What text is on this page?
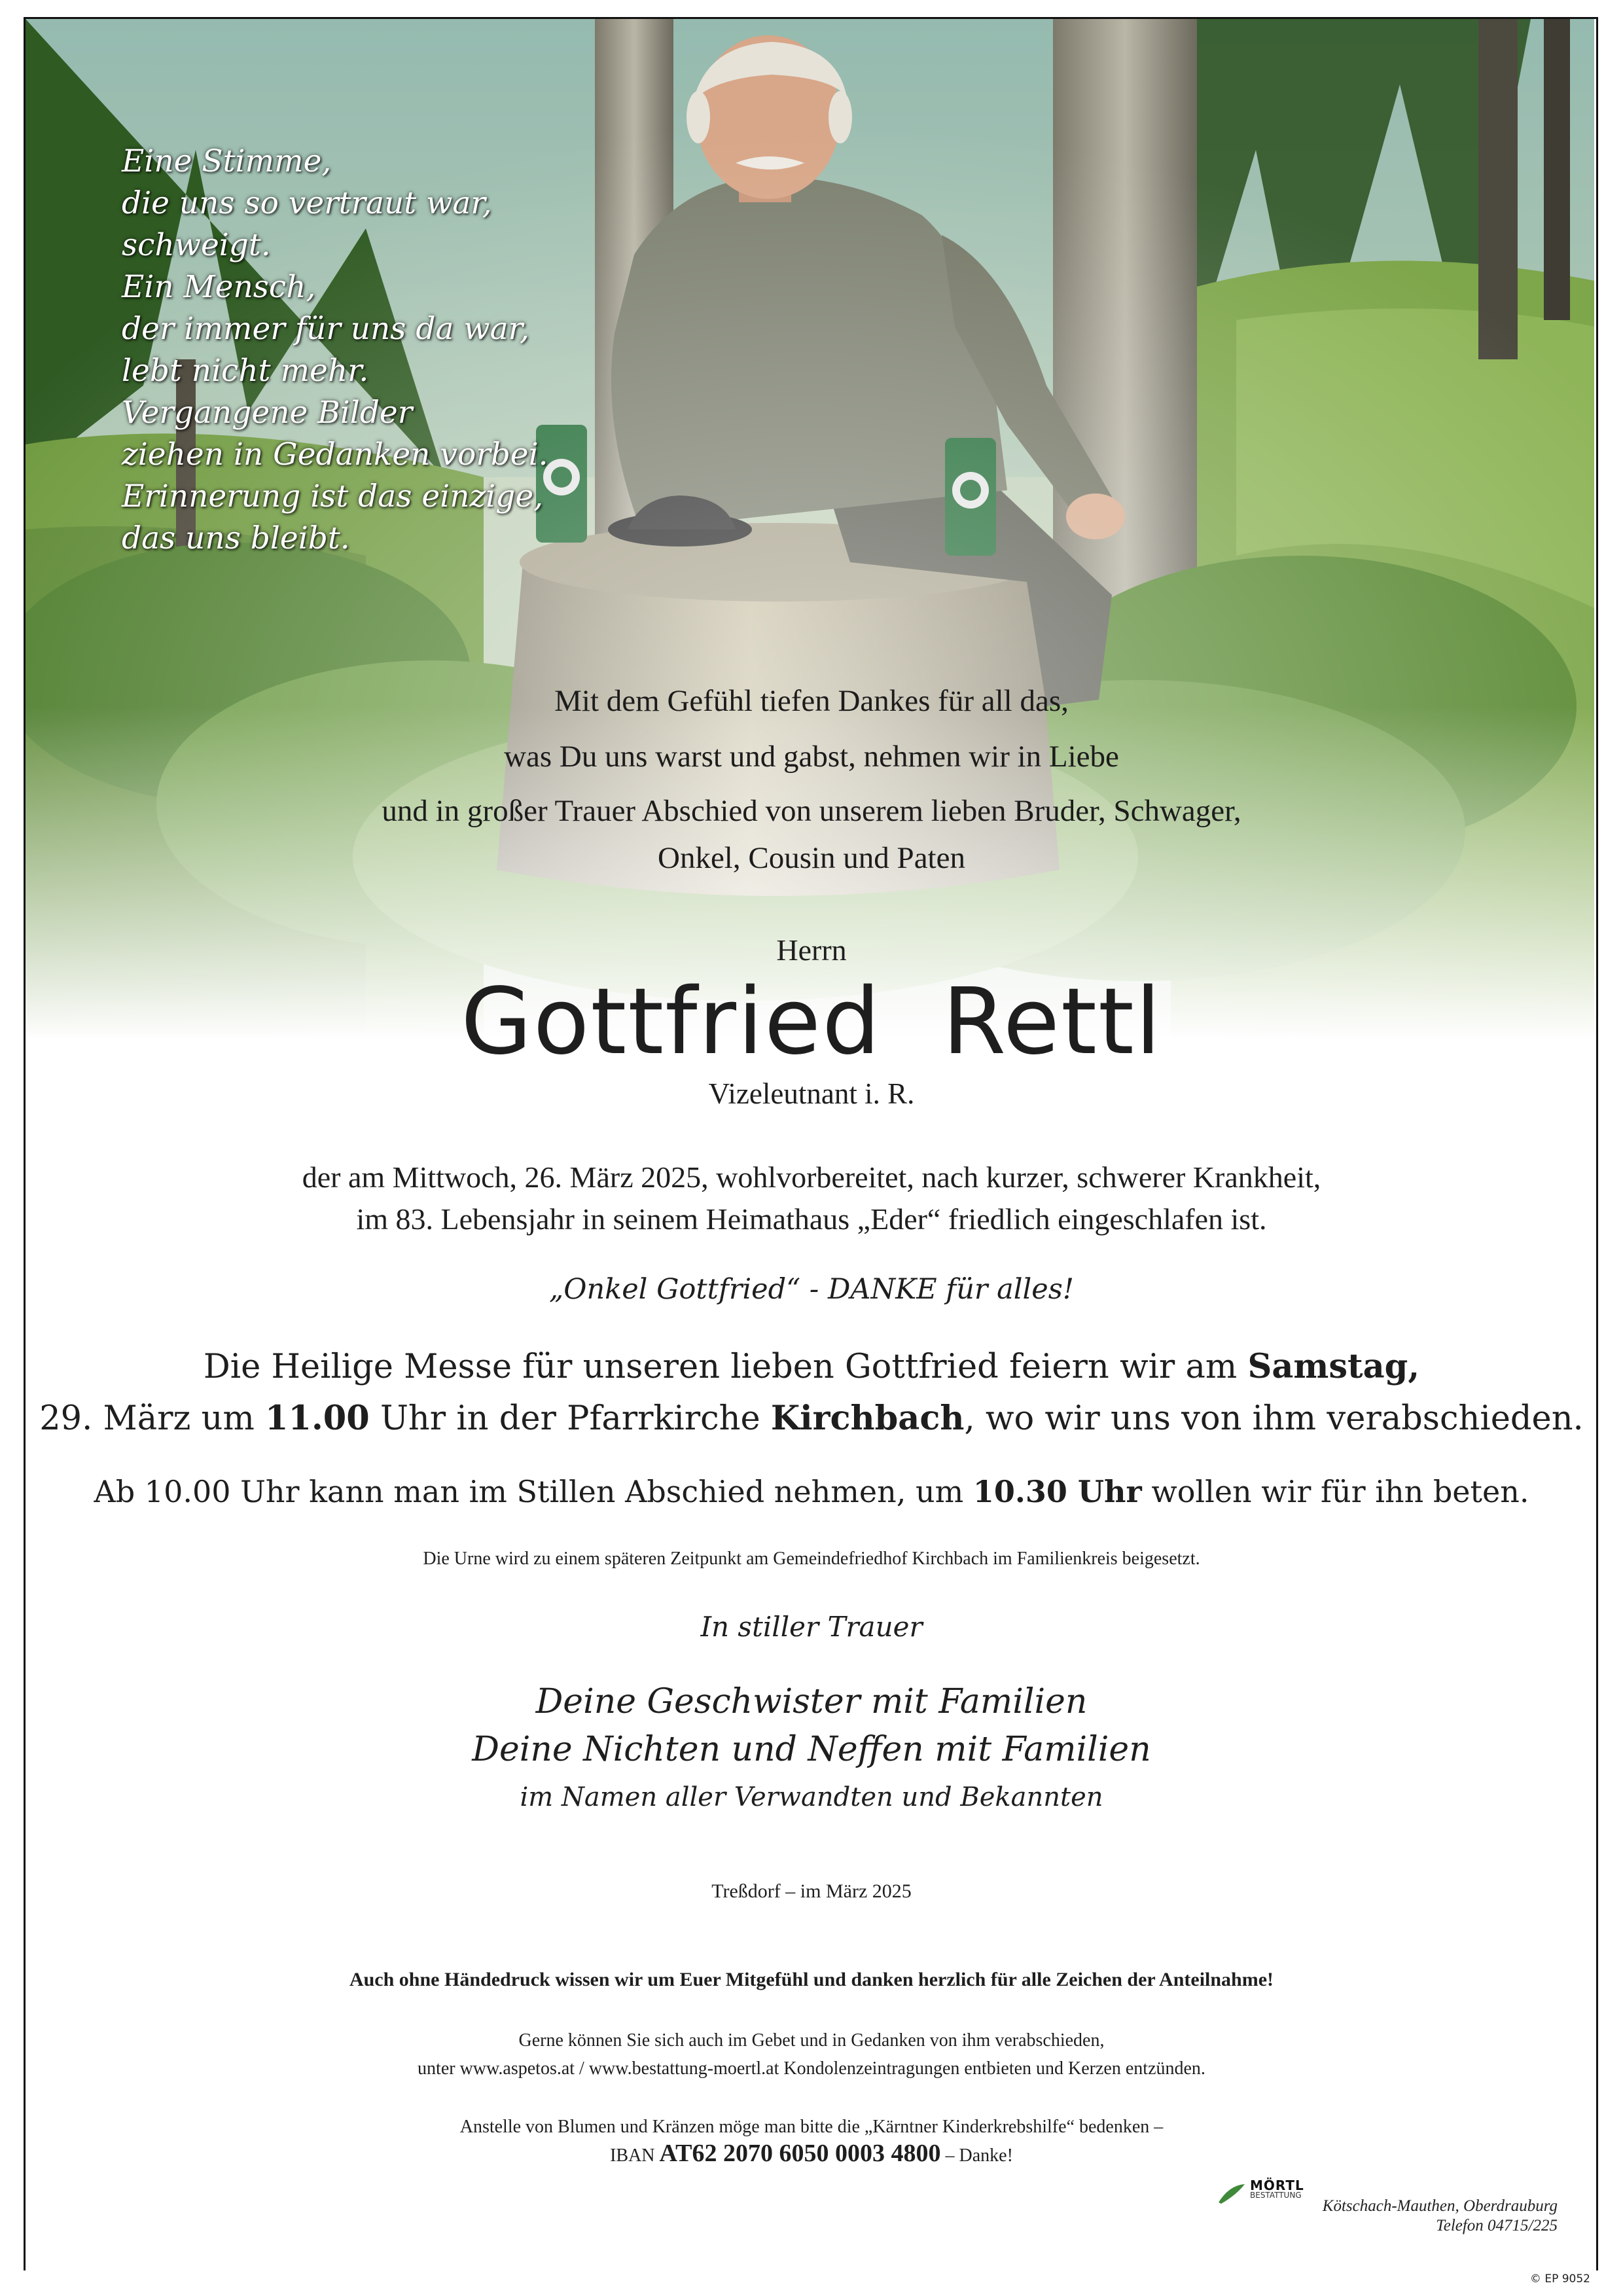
Eine Stimme,
die uns so vertraut war,
schweigt.
Ein Mensch,
der immer für uns da war,
lebt nicht mehr.
Vergangene Bilder
ziehen in Gedanken vorbei.
Erinnerung ist das einzige,
das uns bleibt.
Mit dem Gefühl tiefen Dankes für all das,
was Du uns warst und gabst, nehmen wir in Liebe
und in großer Trauer Abschied von unserem lieben Bruder, Schwager,
Onkel, Cousin und Paten
Herrn
Gottfried  Rettl
Vizeleutnant i. R.
der am Mittwoch, 26. März 2025, wohlvorbereitet, nach kurzer, schwerer Krankheit,
im 83. Lebensjahr in seinem Heimathaus „Eder“ friedlich eingeschlafen ist.
„Onkel Gottfried“ - DANKE für alles!
Die Heilige Messe für unseren lieben Gottfried feiern wir am Samstag,
29. März um 11.00 Uhr in der Pfarrkirche Kirchbach, wo wir uns von ihm verabschieden.
Ab 10.00 Uhr kann man im Stillen Abschied nehmen, um 10.30 Uhr wollen wir für ihn beten.
Die Urne wird zu einem späteren Zeitpunkt am Gemeindefriedhof Kirchbach im Familienkreis beigesetzt.
In stiller Trauer
Deine Geschwister mit Familien
Deine Nichten und Neffen mit Familien
im Namen aller Verwandten und Bekannten
Treßdorf – im März 2025
Auch ohne Händedruck wissen wir um Euer Mitgefühl und danken herzlich für alle Zeichen der Anteilnahme!
Gerne können Sie sich auch im Gebet und in Gedanken von ihm verabschieden,
unter www.aspetos.at / www.bestattung-moertl.at Kondolenzeintragungen entbieten und Kerzen entzünden.
Anstelle von Blumen und Kränzen möge man bitte die „Kärntner Kinderkrebshilfe“ bedenken –
IBAN AT62 2070 6050 0003 4800 – Danke!
MÖRTL
BESTATTUNG
Kötschach-Mauthen, Oberdrauburg
Telefon 04715/225
© EP 9052
